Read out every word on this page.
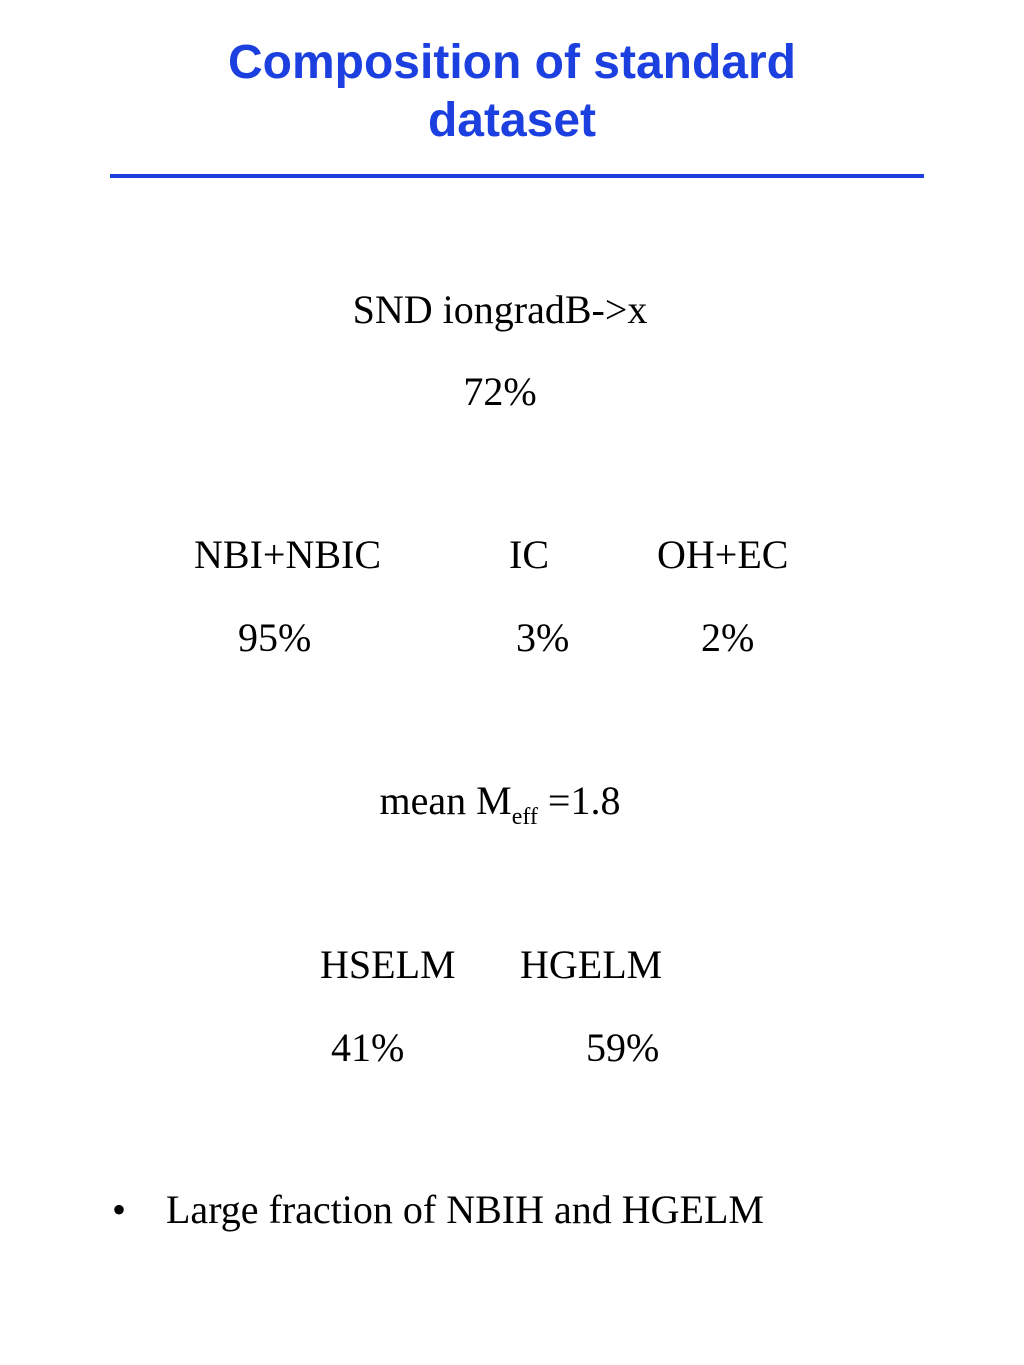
Composition of standard
dataset
SND iongradB->x
72%
NBI+NBIC	IC	OH+EC
95%	3%	2%
mean $M_{eff} =1.8$
HSELM HGELM
41%	59%
• Large fraction of NBIH and HGELM
